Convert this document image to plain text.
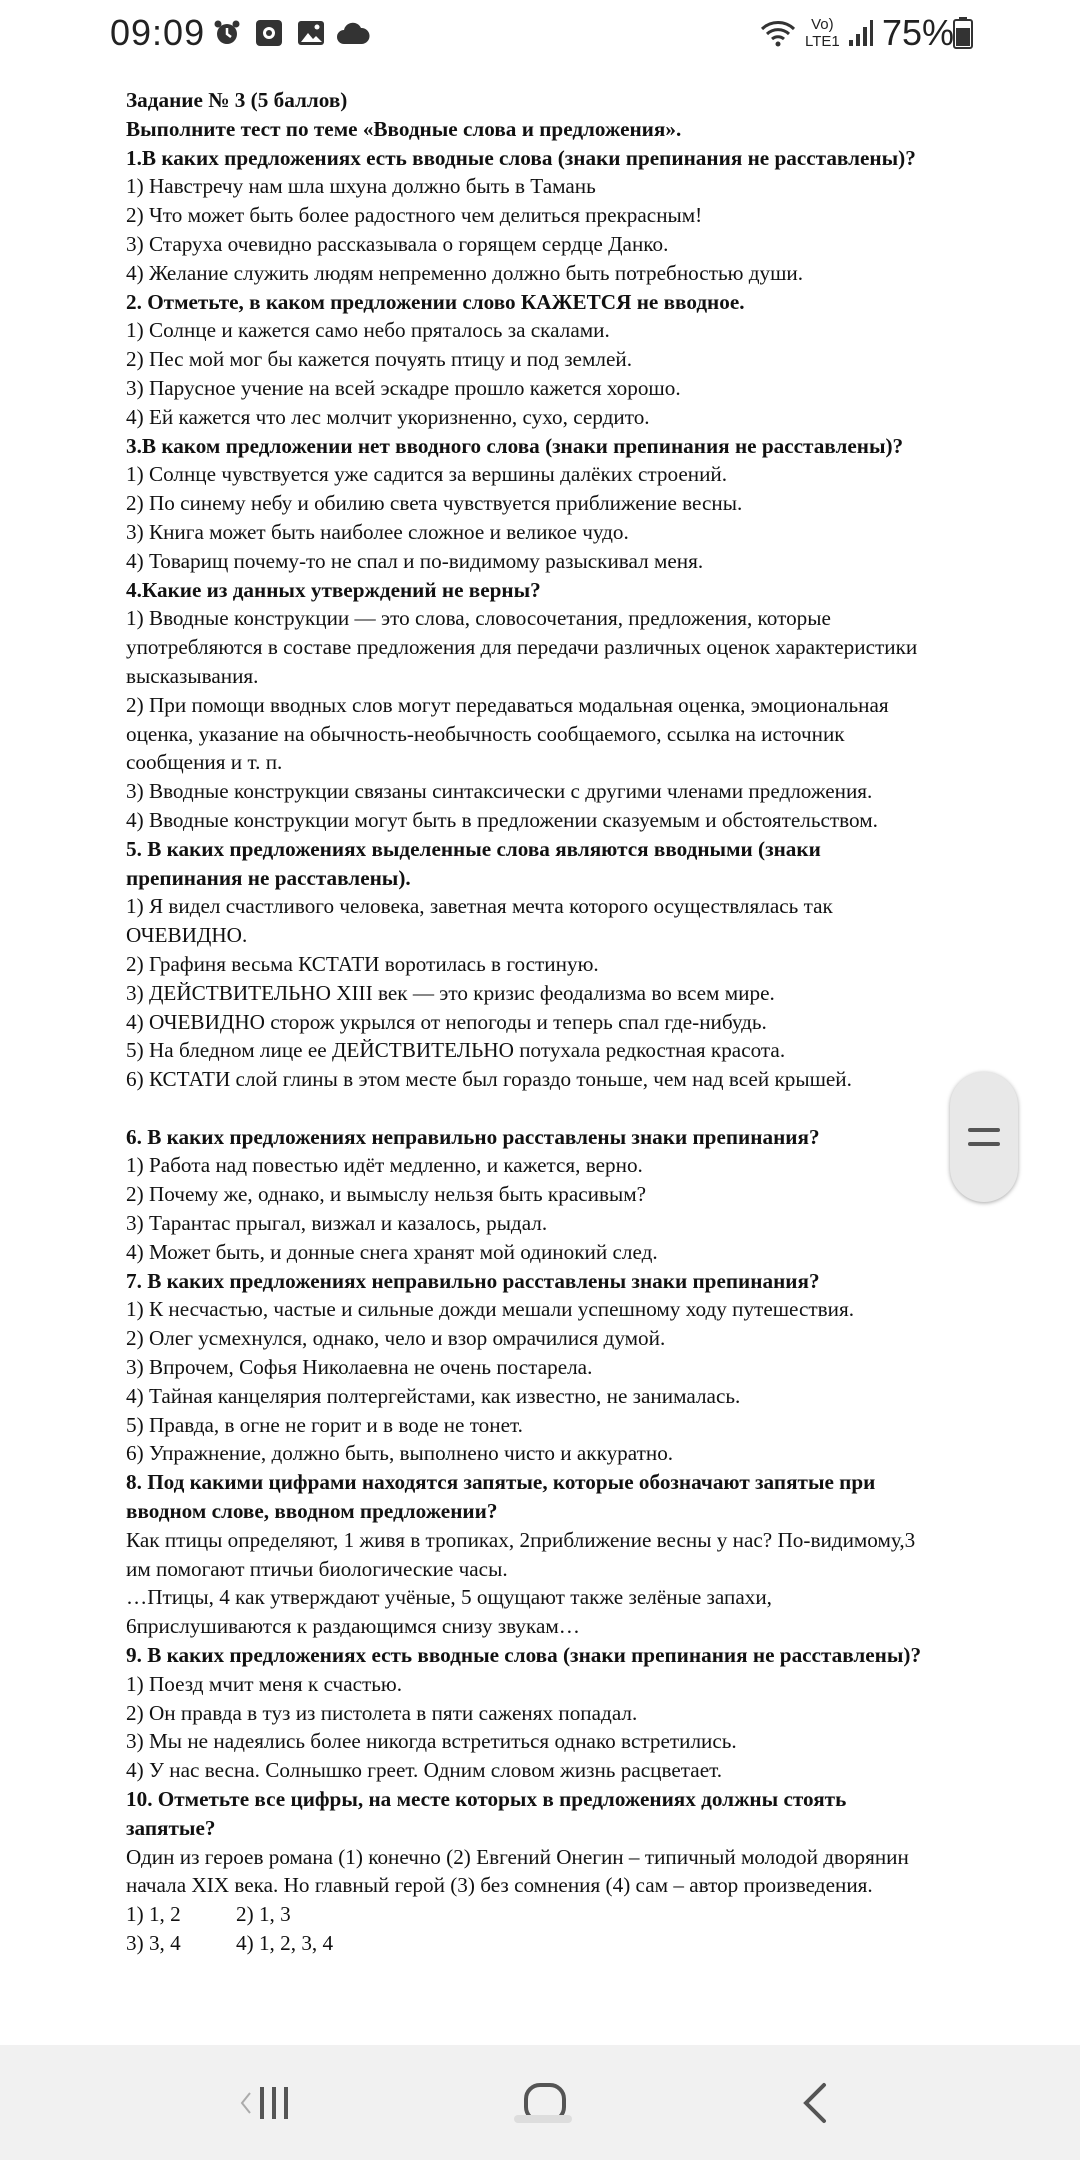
09:09	Vo)
LTE1 75%
Задание № 3 (5 баллов)
Выполните тест по теме «Вводные слова и предложения».
1.В каких предложениях есть вводные слова (знаки препинания не расставлены)?
1) Навстречу нам шла шхуна должно быть в Тамань
2) Что может быть более радостного чем делиться прекрасным!
3) Старуха очевидно рассказывала о горящем сердце Данко.
4) Желание служить людям непременно должно быть потребностью души.
2. Отметьте, в каком предложении слово КАЖЕТСЯ не вводное.
1) Солнце и кажется само небо пряталось за скалами.
2) Пес мой мог бы кажется почуять птицу и под землей.
3) Парусное учение на всей эскадре прошло кажется хорошо.
4) Ей кажется что лес молчит укоризненно, сухо, сердито.
3.В каком предложении нет вводного слова (знаки препинания не расставлены)?
1) Солнце чувствуется уже садится за вершины далёких строений.
2) По синему небу и обилию света чувствуется приближение весны.
3) Книга может быть наиболее сложное и великое чудо.
4) Товарищ почему-то не спал и по-видимому разыскивал меня.
4.Какие из данных утверждений не верны?
1) Вводные конструкции — это слова, словосочетания, предложения, которые
употребляются в составе предложения для передачи различных оценок характеристики
высказывания.
2) При помощи вводных слов могут передаваться модальная оценка, эмоциональная
оценка, указание на обычность-необычность сообщаемого, ссылка на источник
сообщения и т. п.
3) Вводные конструкции связаны синтаксически с другими членами предложения.
4) Вводные конструкции могут быть в предложении сказуемым и обстоятельством.
5. В каких предложениях выделенные слова являются вводными (знаки
препинания не расставлены).
1) Я видел счастливого человека, заветная мечта которого осуществлялась так
ОЧЕВИДНО.
2) Графиня весьма КСТАТИ воротилась в гостиную.
3) ДЕЙСТВИТЕЛЬНО XIII век — это кризис феодализма во всем мире.
4) ОЧЕВИДНО сторож укрылся от непогоды и теперь спал где-нибудь.
5) На бледном лице ее ДЕЙСТВИТЕЛЬНО потухала редкостная красота.
6) КСТАТИ слой глины в этом месте был гораздо тоньше, чем над всей крышей.
6. В каких предложениях неправильно расставлены знаки препинания?
1) Работа над повестью идёт медленно, и кажется, верно.
2) Почему же, однако, и вымыслу нельзя быть красивым?
3) Тарантас прыгал, визжал и казалось, рыдал.
4) Может быть, и донные снега хранят мой одинокий след.
7. В каких предложениях неправильно расставлены знаки препинания?
1) К несчастью, частые и сильные дожди мешали успешному ходу путешествия.
2) Олег усмехнулся, однако, чело и взор омрачилися думой.
3) Впрочем, Софья Николаевна не очень постарела.
4) Тайная канцелярия полтергейстами, как известно, не занималась.
5) Правда, в огне не горит и в воде не тонет.
6) Упражнение, должно быть, выполнено чисто и аккуратно.
8. Под какими цифрами находятся запятые, которые обозначают запятые при
вводном слове, вводном предложении?
Как птицы определяют, 1 живя в тропиках, 2приближение весны у нас? По-видимому,3
им помогают птичьи биологические часы.
…Птицы, 4 как утверждают учёные, 5 ощущают также зелёные запахи,
6прислушиваются к раздающимся снизу звукам…
9. В каких предложениях есть вводные слова (знаки препинания не расставлены)?
1) Поезд мчит меня к счастью.
2) Он правда в туз из пистолета в пяти саженях попадал.
3) Мы не надеялись более никогда встретиться однако встретились.
4) У нас весна. Солнышко греет. Одним словом жизнь расцветает.
10. Отметьте все цифры, на месте которых в предложениях должны стоять
запятые?
Один из героев романа (1) конечно (2) Евгений Онегин – типичный молодой дворянин
начала XIX века. Но главный герой (3) без сомнения (4) сам – автор произведения.
1) 1, 2	2) 1, 3
3) 3, 4	4) 1, 2, 3, 4
